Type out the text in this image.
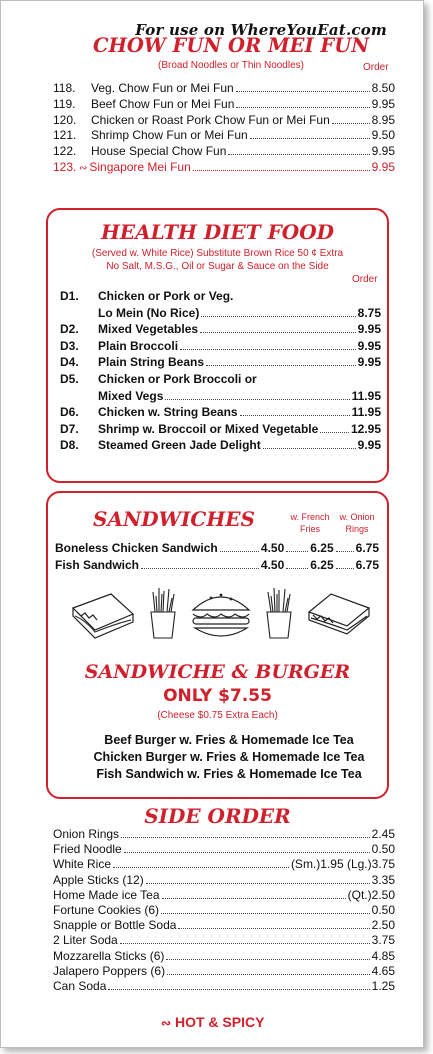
For use on WhereYouEat.com
CHOW FUN OR MEI FUN
(Broad Noodles or Thin Noodles)	Order
118.	Veg. Chow Fun or Mei Fun	8.50
119.	Beef Chow Fun or Mei Fun	9.95
120.	Chicken or Roast Pork Chow Fun or Mei Fun	8.95
121.	Shrimp Chow Fun or Mei Fun	9.50
122.	House Special Chow Fun	9.95
123. ∾ Singapore Mei Fun	9.95
HEALTH DIET FOOD
(Served w. White Rice) Substitute Brown Rice 50 ¢ Extra
No Salt, M.S.G., Oil or Sugar & Sauce on the Side
Order
D1.	Chicken or Pork or Veg.
Lo Mein (No Rice)	8.75
D2.	Mixed Vegetables	9.95
D3.	Plain Broccoli	9.95
D4.	Plain String Beans	9.95
D5.	Chicken or Pork Broccoli or
Mixed Vegs	11.95
D6.	Chicken w. String Beans	11.95
D7.	Shrimp w. Broccoil or Mixed Vegetable	12.95
D8.	Steamed Green Jade Delight	9.95
SANDWICHES	w. French
Fries
w. Onion
Rings
Boneless Chicken Sandwich	4.50 6.25 6.75
Fish Sandwich	4.50 6.25 6.75
SANDWICHE & BURGER
ONLY $7.55
(Cheese $0.75 Extra Each)
Beef Burger w. Fries & Homemade Ice Tea
Chicken Burger w. Fries & Homemade Ice Tea
Fish Sandwich w. Fries & Homemade Ice Tea
SIDE ORDER
Onion Rings	2.45
Fried Noodle	0.50
White Rice	(Sm.)1.95 (Lg.) 3.75
Apple Sticks (12)	3.35
Home Made ice Tea	(Qt.) 2.50
Fortune Cookies (6)	0.50
Snapple or Bottle Soda	2.50
2 Liter Soda	3.75
Mozzarella Sticks (6)	4.85
Jalapero Poppers (6)	4.65
Can Soda	1.25
∾ HOT & SPICY
